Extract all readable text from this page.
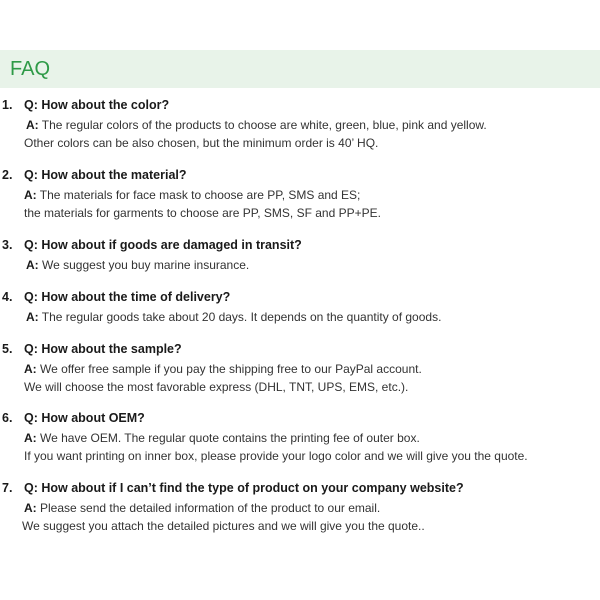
FAQ
1. Q: How about the color?
A: The regular colors of the products to choose are white, green, blue, pink and yellow.
Other colors can be also chosen, but the minimum order is 40’ HQ.
2. Q: How about the material?
A: The materials for face mask to choose are PP, SMS and ES;
the materials for garments to choose are PP, SMS, SF and PP+PE.
3. Q: How about if goods are damaged in transit?
A: We suggest you buy marine insurance.
4. Q: How about the time of delivery?
A: The regular goods take about 20 days. It depends on the quantity of goods.
5. Q: How about the sample?
A: We offer free sample if you pay the shipping free to our PayPal account.
We will choose the most favorable express (DHL, TNT, UPS, EMS, etc.).
6. Q: How about OEM?
A: We have OEM. The regular quote contains the printing fee of outer box.
If you want printing on inner box, please provide your logo color and we will give you the quote.
7. Q: How about if I can’t find the type of product on your company website?
A: Please send the detailed information of the product to our email.
We suggest you attach the detailed pictures and we will give you the quote..
